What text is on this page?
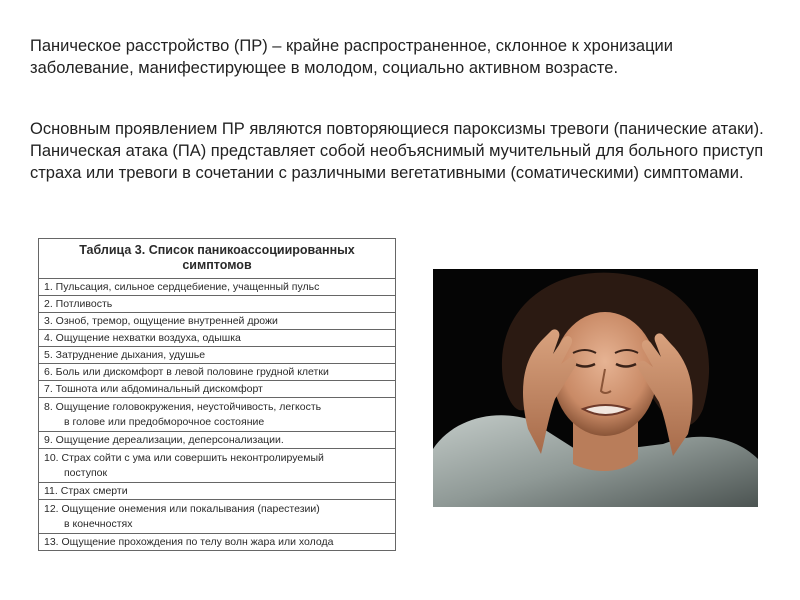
Паническое расстройство (ПР) – крайне распространенное, склонное к хронизации заболевание, манифестирующее в молодом, социально активном возрасте.

Основным проявлением ПР являются повторяющиеся пароксизмы тревоги (панические атаки). Паническая атака (ПА) представляет собой необъяснимый мучительный для больного приступ страха или тревоги в сочетании с различными вегетативными (соматическими) симптомами.

Таблица 3. Список паникоассоциированных
симптомов
1. Пульсация, сильное сердцебиение, учащенный пульс
2. Потливость
3. Озноб, тремор, ощущение внутренней дрожи
4. Ощущение нехватки воздуха, одышка
5. Затруднение дыхания, удушье
6. Боль или дискомфорт в левой половине грудной клетки
7. Тошнота или абдоминальный дискомфорт
8. Ощущение головокружения, неустойчивость, легкость
в голове или предобморочное состояние

9. Ощущение дереализации, деперсонализации.
10. Страх сойти с ума или совершить неконтролируемый
поступок

11. Страх смерти
12. Ощущение онемения или покалывания (парестезии)
в конечностях

13. Ощущение прохождения по телу волн жара или холода
